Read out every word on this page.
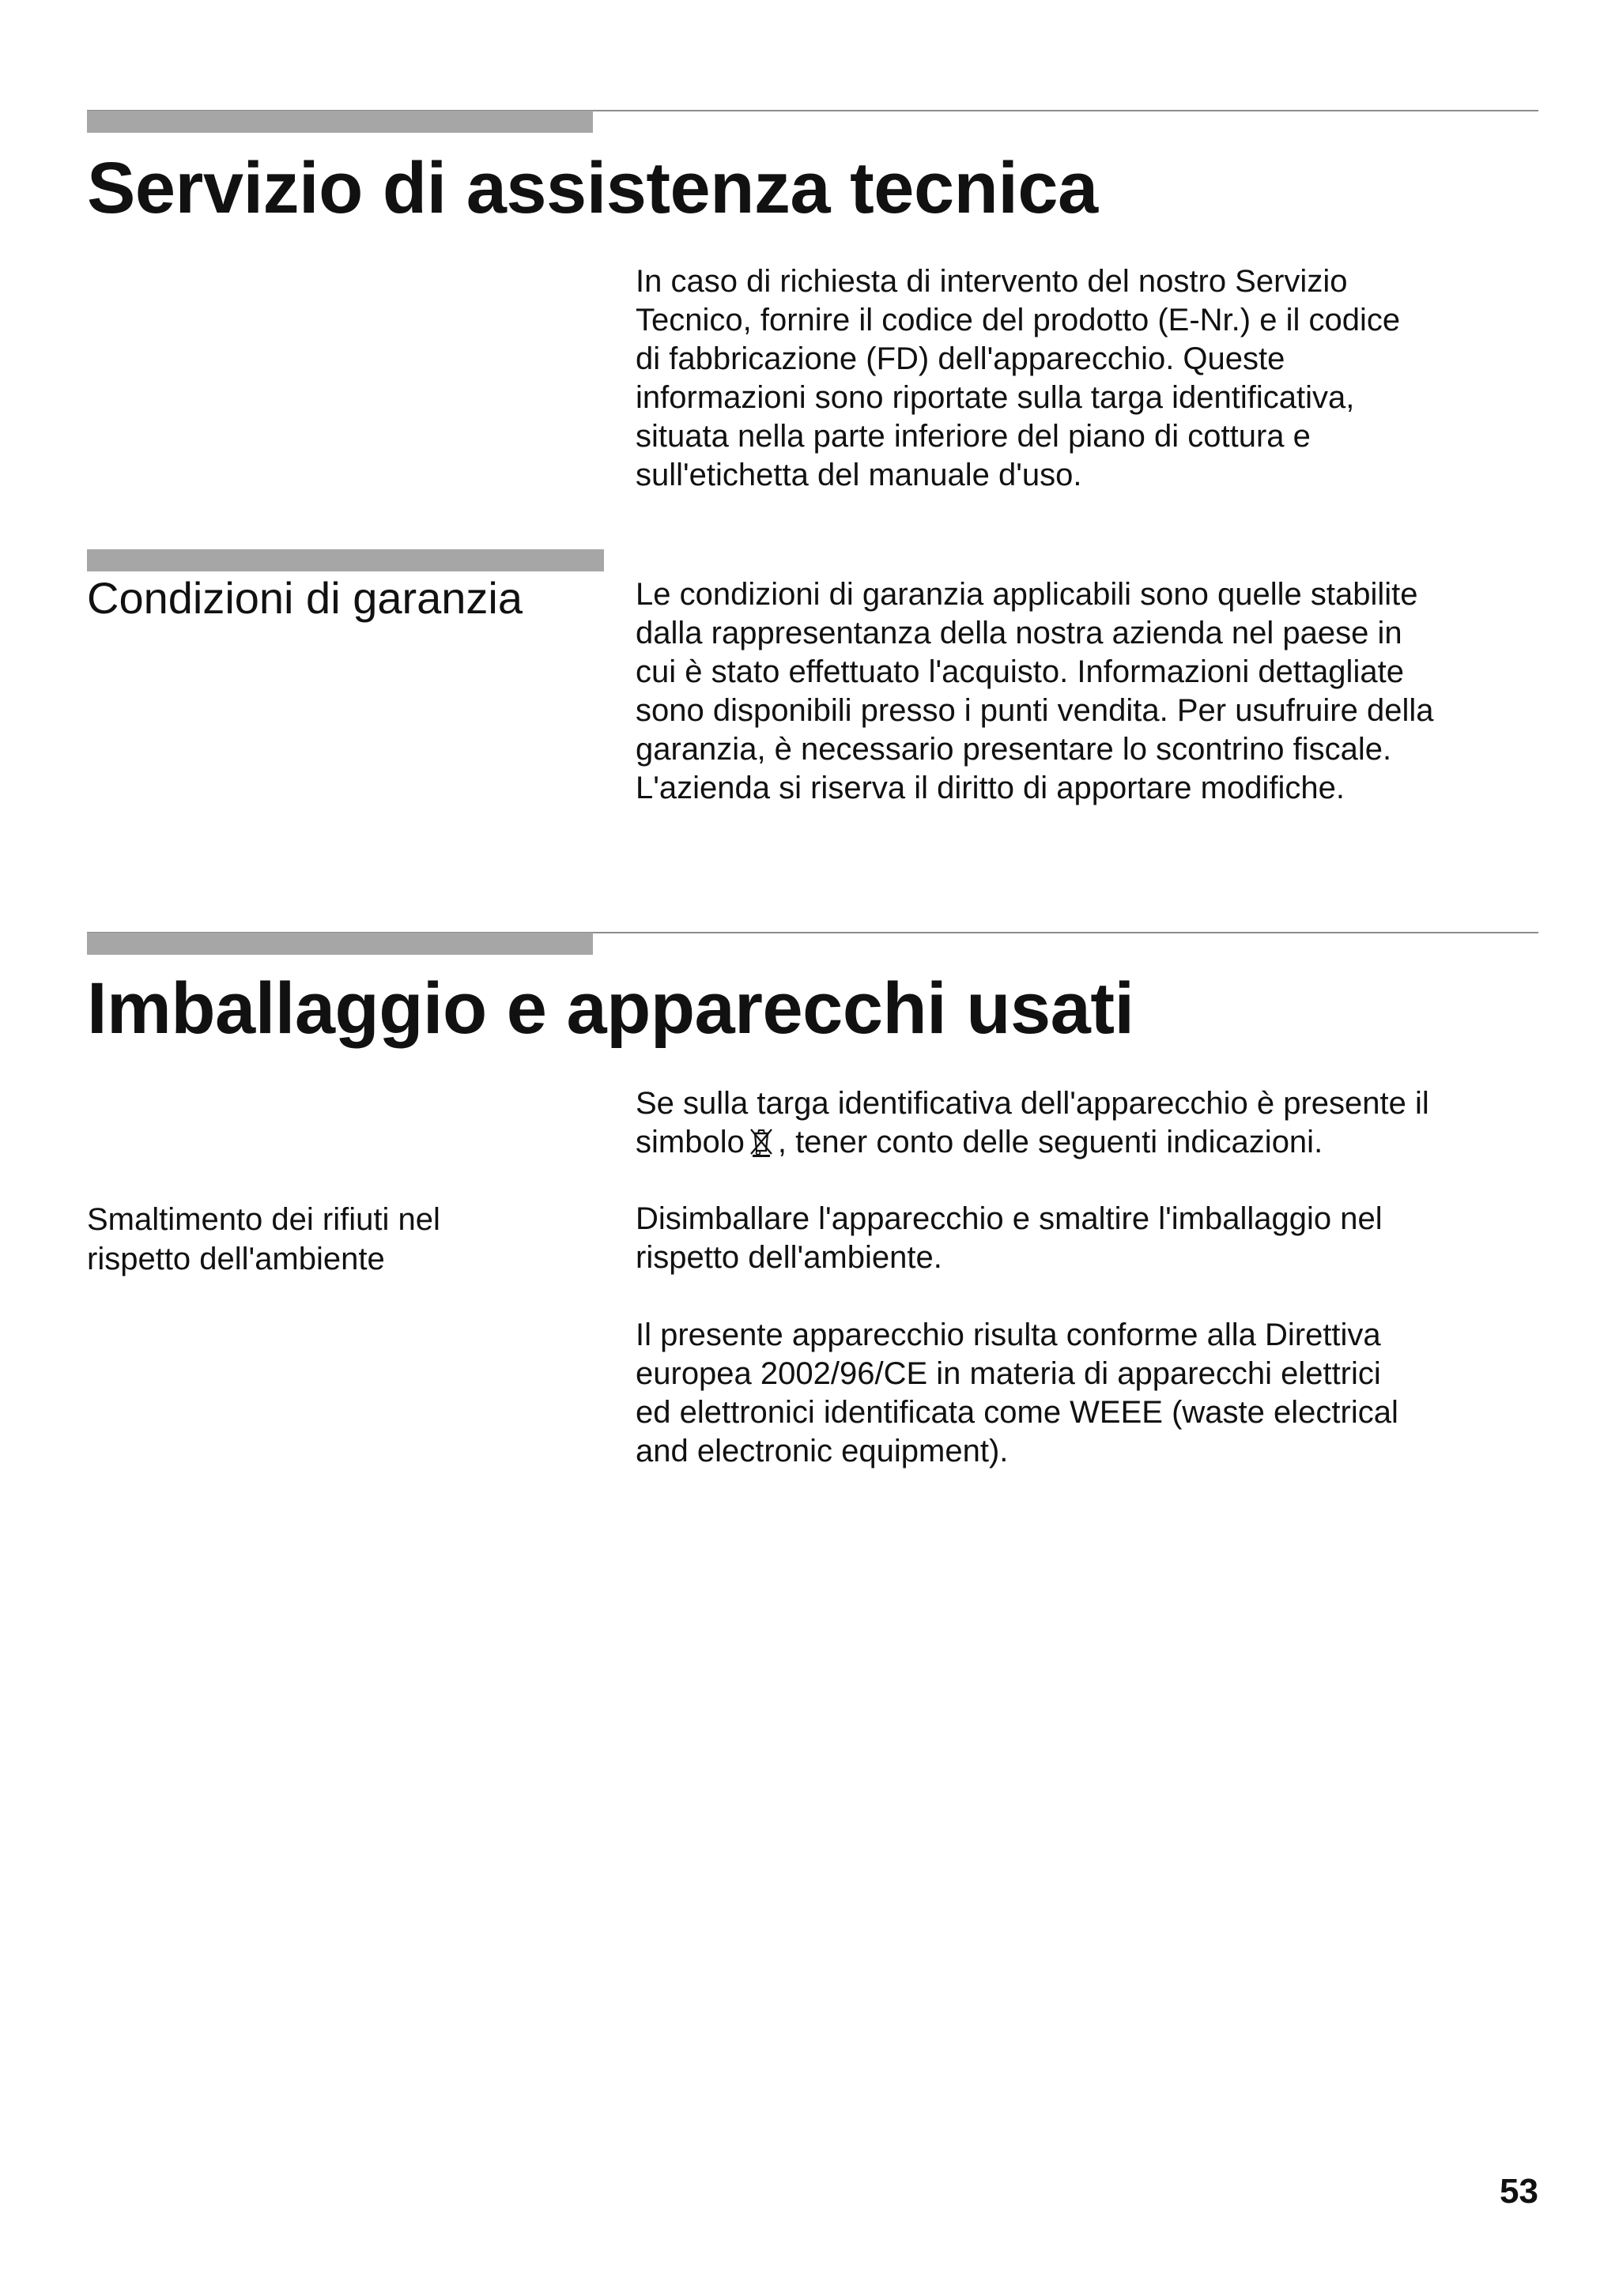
Servizio di assistenza tecnica
In caso di richiesta di intervento del nostro Servizio
Tecnico, fornire il codice del prodotto (E-Nr.) e il codice
di fabbricazione (FD) dell'apparecchio. Queste
informazioni sono riportate sulla targa identificativa,
situata nella parte inferiore del piano di cottura e
sull'etichetta del manuale d'uso.
Condizioni di garanzia	Le condizioni di garanzia applicabili sono quelle stabilite
dalla rappresentanza della nostra azienda nel paese in
cui è stato effettuato l'acquisto. Informazioni dettagliate
sono disponibili presso i punti vendita. Per usufruire della
garanzia, è necessario presentare lo scontrino fiscale.
L'azienda si riserva il diritto di apportare modifiche.
Imballaggio e apparecchi usati
Se sulla targa identificativa dell'apparecchio è presente il
simbolo , tener conto delle seguenti indicazioni.
Smaltimento dei rifiuti nel
rispetto dell'ambiente
Disimballare l'apparecchio e smaltire l'imballaggio nel
rispetto dell'ambiente.
Il presente apparecchio risulta conforme alla Direttiva
europea 2002/96/CE in materia di apparecchi elettrici
ed elettronici identificata come WEEE (waste electrical
and electronic equipment).

53
